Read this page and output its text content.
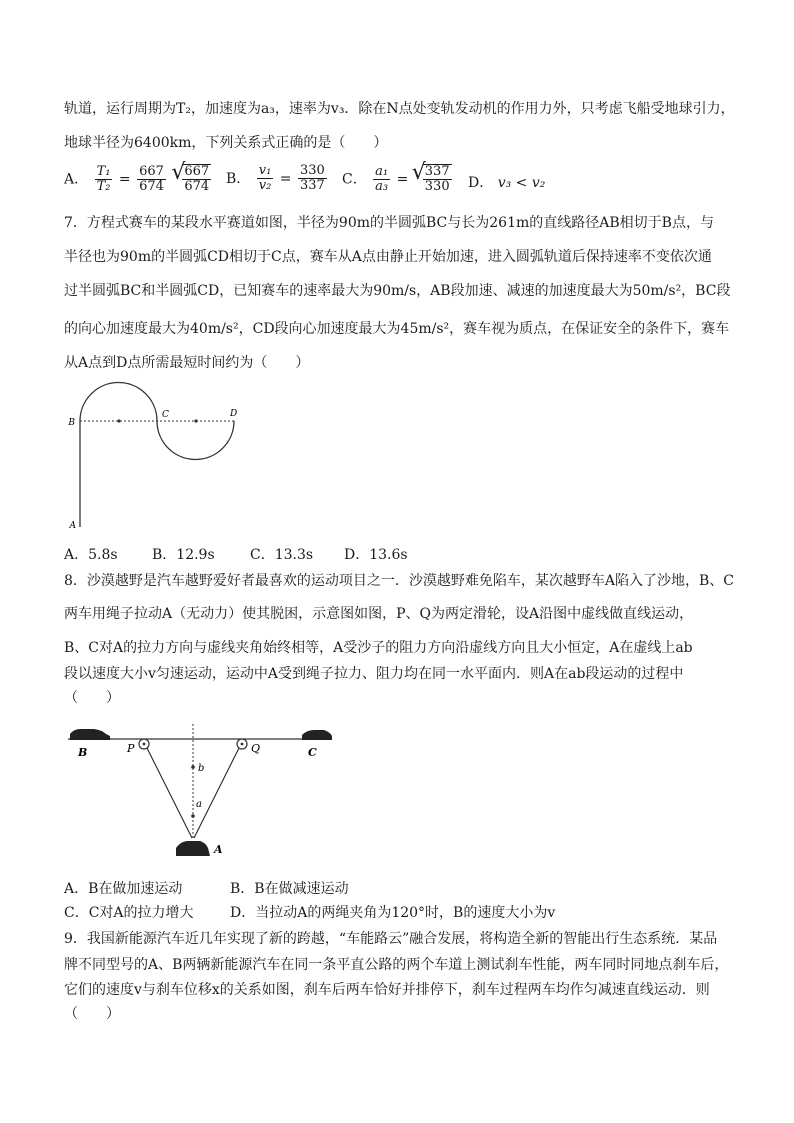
轨道，运行周期为T₂，加速度为a₃，速率为v₃．除在N点处变轨发动机的作用力外，只考虑飞船受地球引力，
地球半径为6400km，下列关系式正确的是（　　）
A． $\frac{\text{T₁}}{\text{T₂}} = \frac{667}{674}$
√ $\frac{667}{674}$ B． $\frac{\text{v₁}}{\text{v₂}} = \frac{330}{337}$ C． $\frac{\text{a₁}}{\text{a₃}}$ = √ $\frac{337}{330}$ D． v₃ < v₂
7．方程式赛车的某段水平赛道如图，半径为90m的半圆弧BC与长为261m的直线路径AB相切于B点，与
半径也为90m的半圆弧CD相切于C点，赛车从A点由静止开始加速，进入圆弧轨道后保持速率不变依次通
过半圆弧BC和半圆弧CD，已知赛车的速率最大为90m/s，AB段加速、减速的加速度最大为50m/s²，BC段
的向心加速度最大为40m/s²，CD段向心加速度最大为45m/s²，赛车视为质点，在保证安全的条件下，赛车
从A点到D点所需最短时间约为（　　）
B
C	D
A
A．5.8s B．12.9s	C．13.3s D．13.6s
8．沙漠越野是汽车越野爱好者最喜欢的运动项目之一．沙漠越野难免陷车，某次越野车A陷入了沙地，B、C
两车用绳子拉动A（无动力）使其脱困，示意图如图，P、Q为两定滑轮，设A沿图中虚线做直线运动，
B、C对A的拉力方向与虚线夹角始终相等，A受沙子的阻力方向沿虚线方向且大小恒定，A在虚线上ab
段以速度大小v匀速运动，运动中A受到绳子拉力、阻力均在同一水平面内．则A在ab段运动的过程中
（　　）
b
a
B	P	Q	C
A
A．B在做加速运动	B．B在做减速运动
C．C对A的拉力增大	D．当拉动A的两绳夹角为120°时，B的速度大小为v
9．我国新能源汽车近几年实现了新的跨越，“车能路云”融合发展，将构造全新的智能出行生态系统．某品
牌不同型号的A、B两辆新能源汽车在同一条平直公路的两个车道上测试刹车性能，两车同时同地点刹车后，
它们的速度v与刹车位移x的关系如图，刹车后两车恰好并排停下，刹车过程两车均作匀减速直线运动．则
（　　）
